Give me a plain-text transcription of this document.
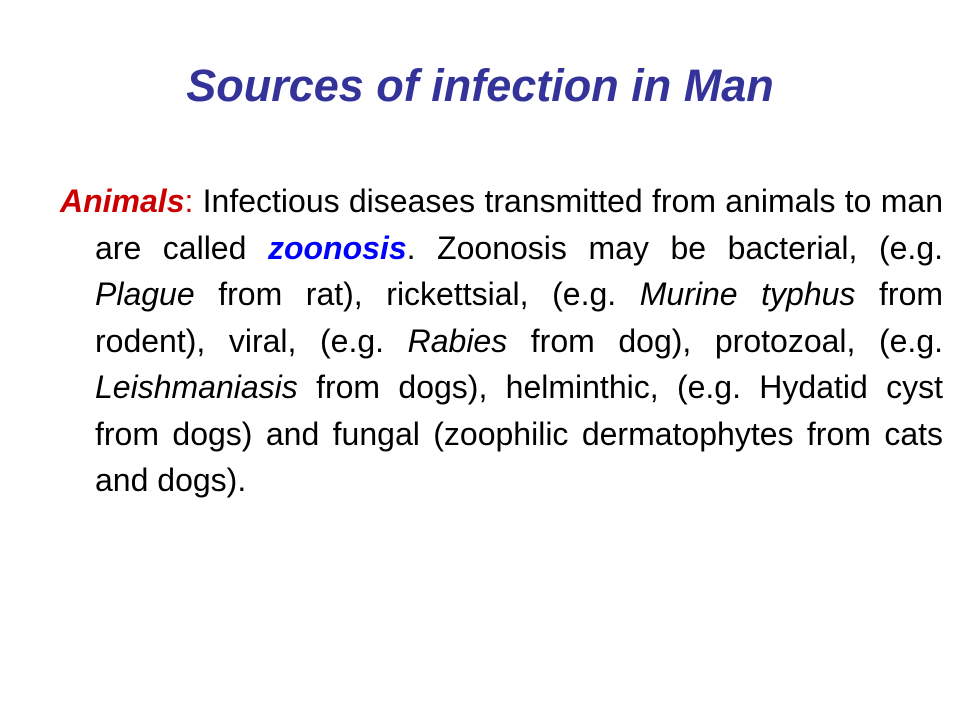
Sources of infection in Man

Animals: Infectious diseases transmitted from animals to man are called zoonosis. Zoonosis may be bacterial, (e.g. Plague from rat), rickettsial, (e.g. Murine typhus from rodent), viral, (e.g. Rabies from dog), protozoal, (e.g. Leishmaniasis from dogs), helminthic, (e.g. Hydatid cyst from dogs) and fungal (zoophilic dermatophytes from cats and dogs).
